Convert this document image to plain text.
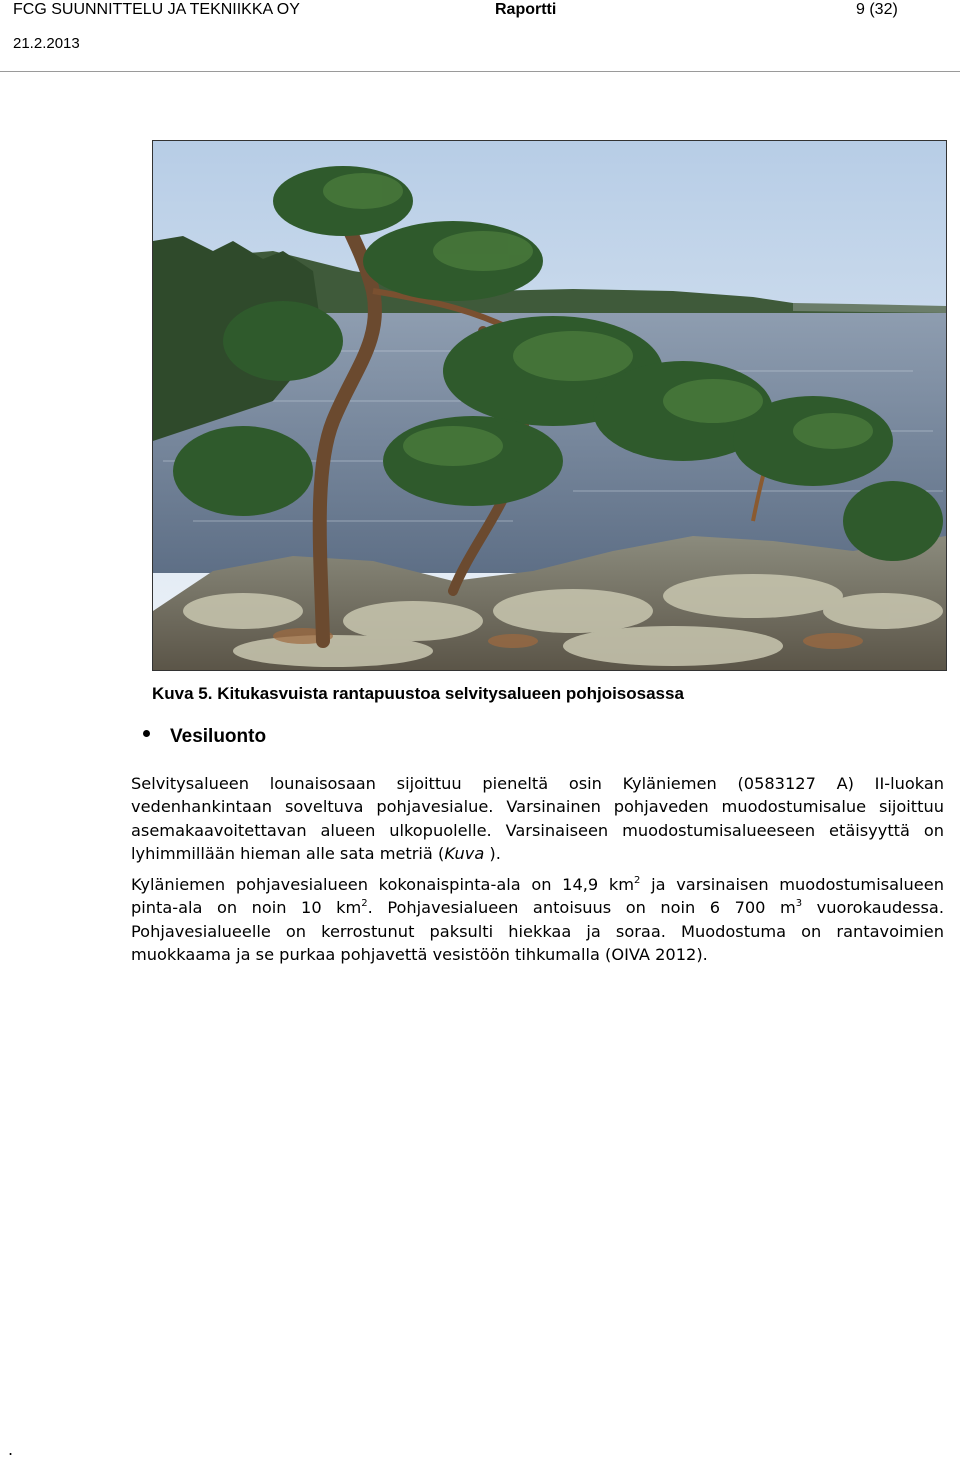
FCG SUUNNITTELU JA TEKNIIKKA OY	Raportti	9 (32)
21.2.2013
Kuva 5. Kitukasvuista rantapuustoa selvitysalueen pohjoisosassa
Vesiluonto
Selvitysalueen lounaisosaan sijoittuu pieneltä osin Kyläniemen (0583127 A) II-luokan vedenhankintaan soveltuva pohjavesialue. Varsinainen pohjaveden muodostumisalue sijoittuu asemakaavoitettavan alueen ulkopuolelle. Varsinaiseen muodostumisalueeseen etäisyyttä on lyhimmillään hieman alle sata metriä (Kuva ).
Kyläniemen pohjavesialueen kokonaispinta-ala on 14,9 $km^2$ ja varsinaisen muodostumisalueen pinta-ala on noin 10 $km^2$. Pohjavesialueen antoisuus on noin 6 700 $m^3$ vuorokaudessa. Pohjavesialueelle on kerrostunut paksulti hiekkaa ja soraa. Muodostuma on rantavoimien muokkaama ja se purkaa pohjavettä vesistöön tihkumalla (OIVA 2012).
.
